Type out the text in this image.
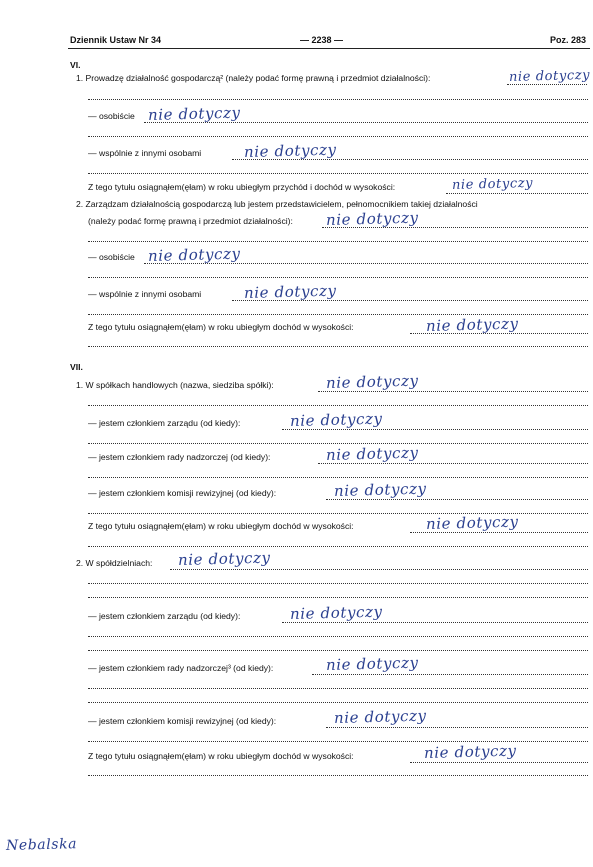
Dziennik Ustaw Nr 34	— 2238 —	Poz. 283
VI.
1. Prowadzę działalność gospodarczą² (należy podać formę prawną i przedmiot działalności):	nie dotyczy
— osobiście nie dotyczy
— wspólnie z innymi osobami	nie dotyczy
Z tego tytułu osiągnąłem(ęłam) w roku ubiegłym przychód i dochód w wysokości:	nie dotyczy
2. Zarządzam działalnością gospodarczą lub jestem przedstawicielem, pełnomocnikiem takiej działalności
(należy podać formę prawną i przedmiot działalności): nie dotyczy
— osobiście nie dotyczy
— wspólnie z innymi osobami	nie dotyczy
Z tego tytułu osiągnąłem(ęłam) w roku ubiegłym dochód w wysokości:	nie dotyczy
VII.
1. W spółkach handlowych (nazwa, siedziba spółki):	nie dotyczy
— jestem członkiem zarządu (od kiedy):	nie dotyczy
— jestem członkiem rady nadzorczej (od kiedy):	nie dotyczy
— jestem członkiem komisji rewizyjnej (od kiedy):	nie dotyczy
Z tego tytułu osiągnąłem(ęłam) w roku ubiegłym dochód w wysokości:	nie dotyczy
2. W spółdzielniach: nie dotyczy
— jestem członkiem zarządu (od kiedy):	nie dotyczy
— jestem członkiem rady nadzorczej³ (od kiedy):	nie dotyczy
— jestem członkiem komisji rewizyjnej (od kiedy):	nie dotyczy
Z tego tytułu osiągnąłem(ęłam) w roku ubiegłym dochód w wysokości:	nie dotyczy
Nebalska
